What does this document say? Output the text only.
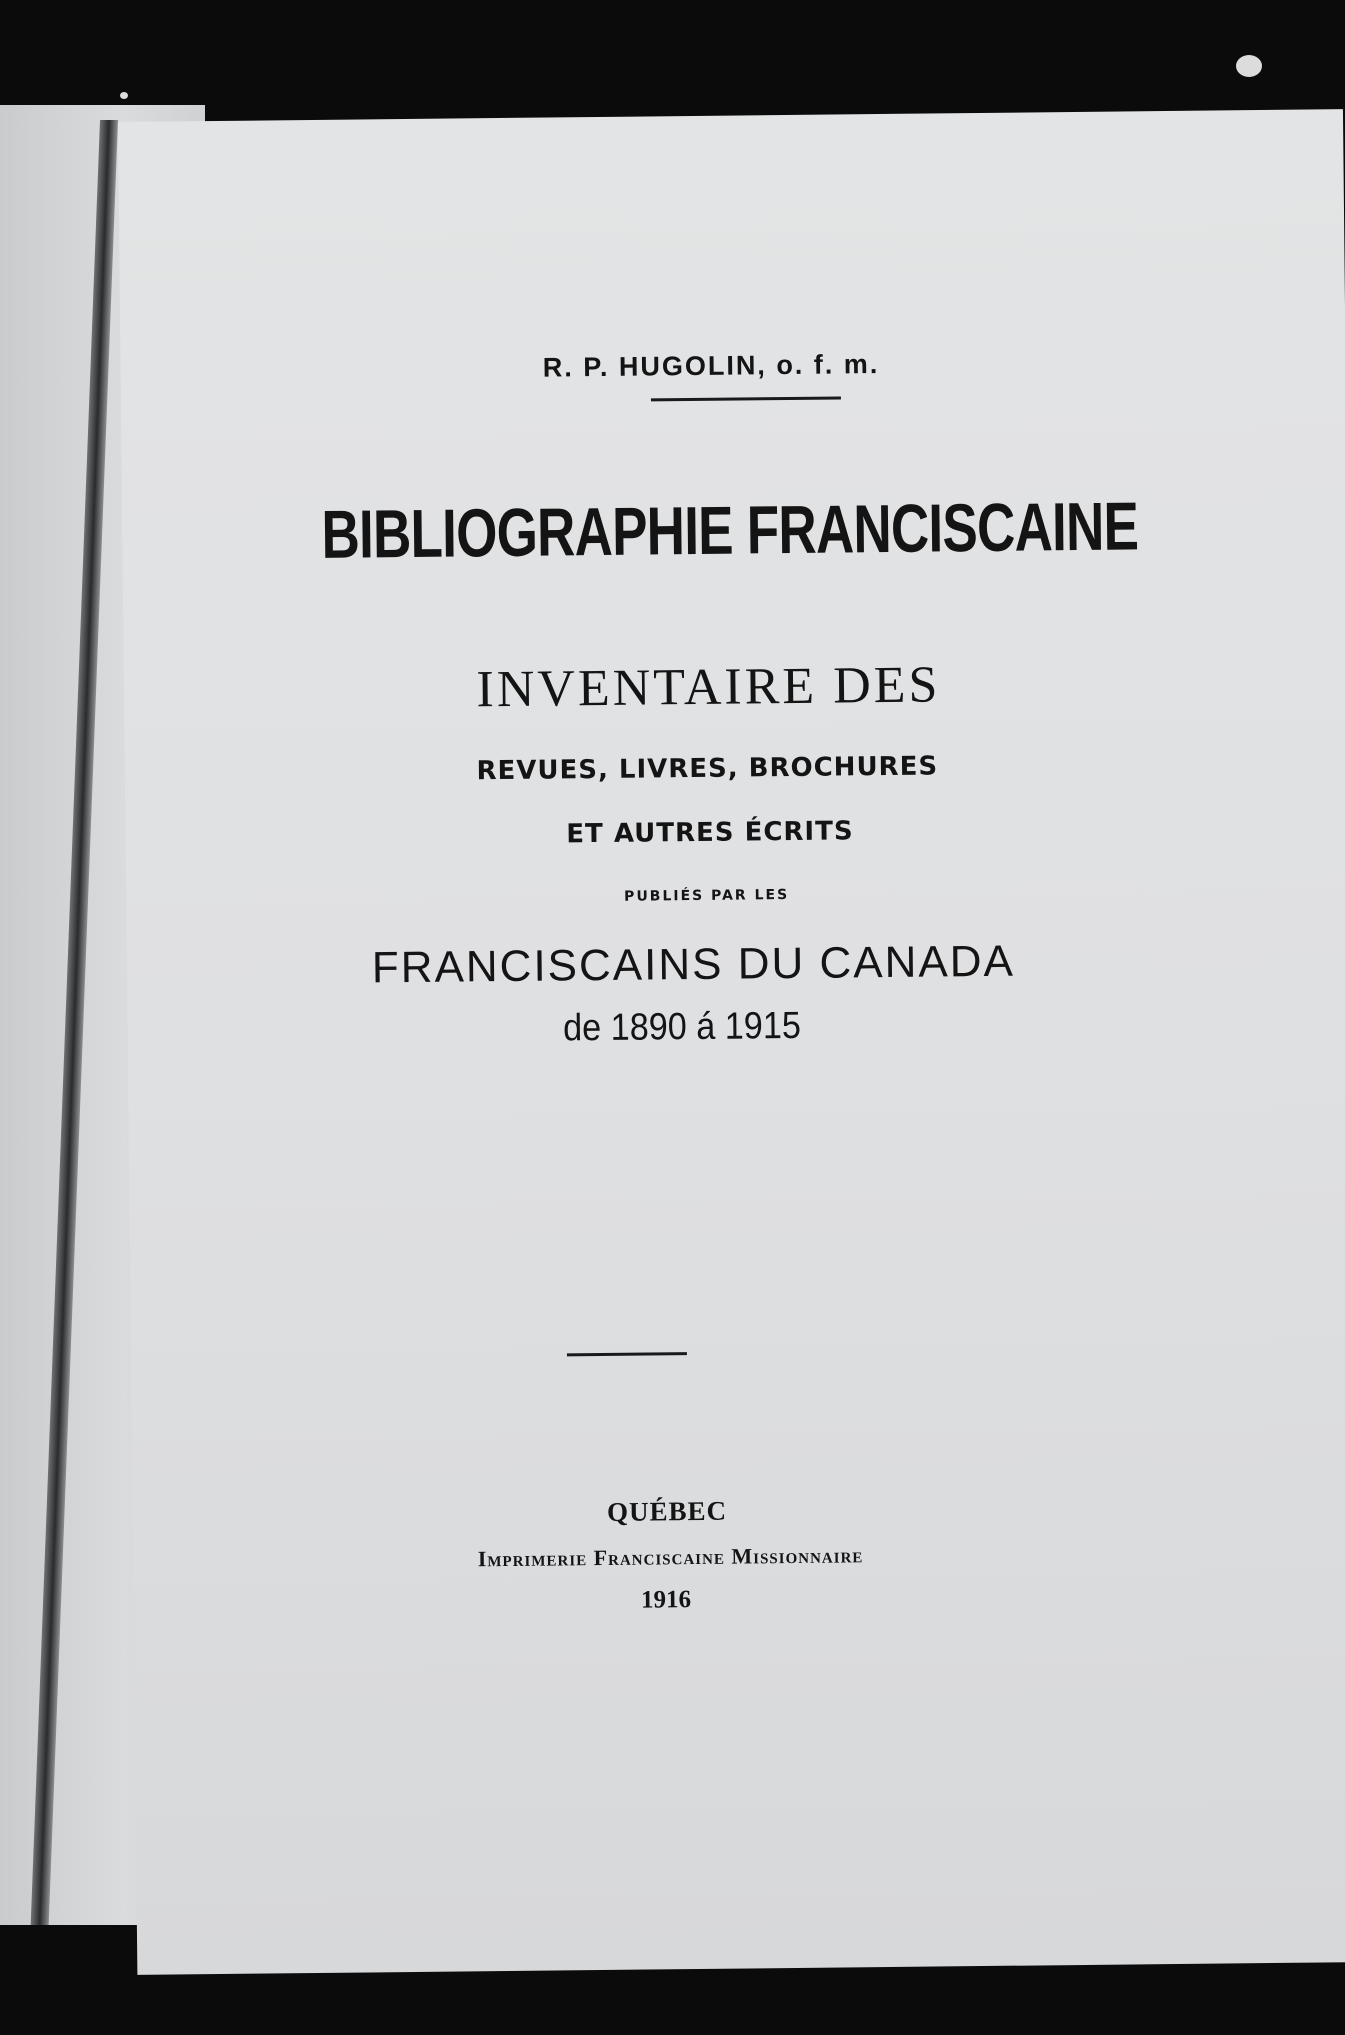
R. P. HUGOLIN, o. f. m.
BIBLIOGRAPHIE FRANCISCAINE
INVENTAIRE DES
REVUES, LIVRES, BROCHURES
ET AUTRES ÉCRITS
PUBLIÉS PAR LES
FRANCISCAINS DU CANADA
de 1890 á 1915
QUÉBEC
Imprimerie Franciscaine Missionnaire
1916
